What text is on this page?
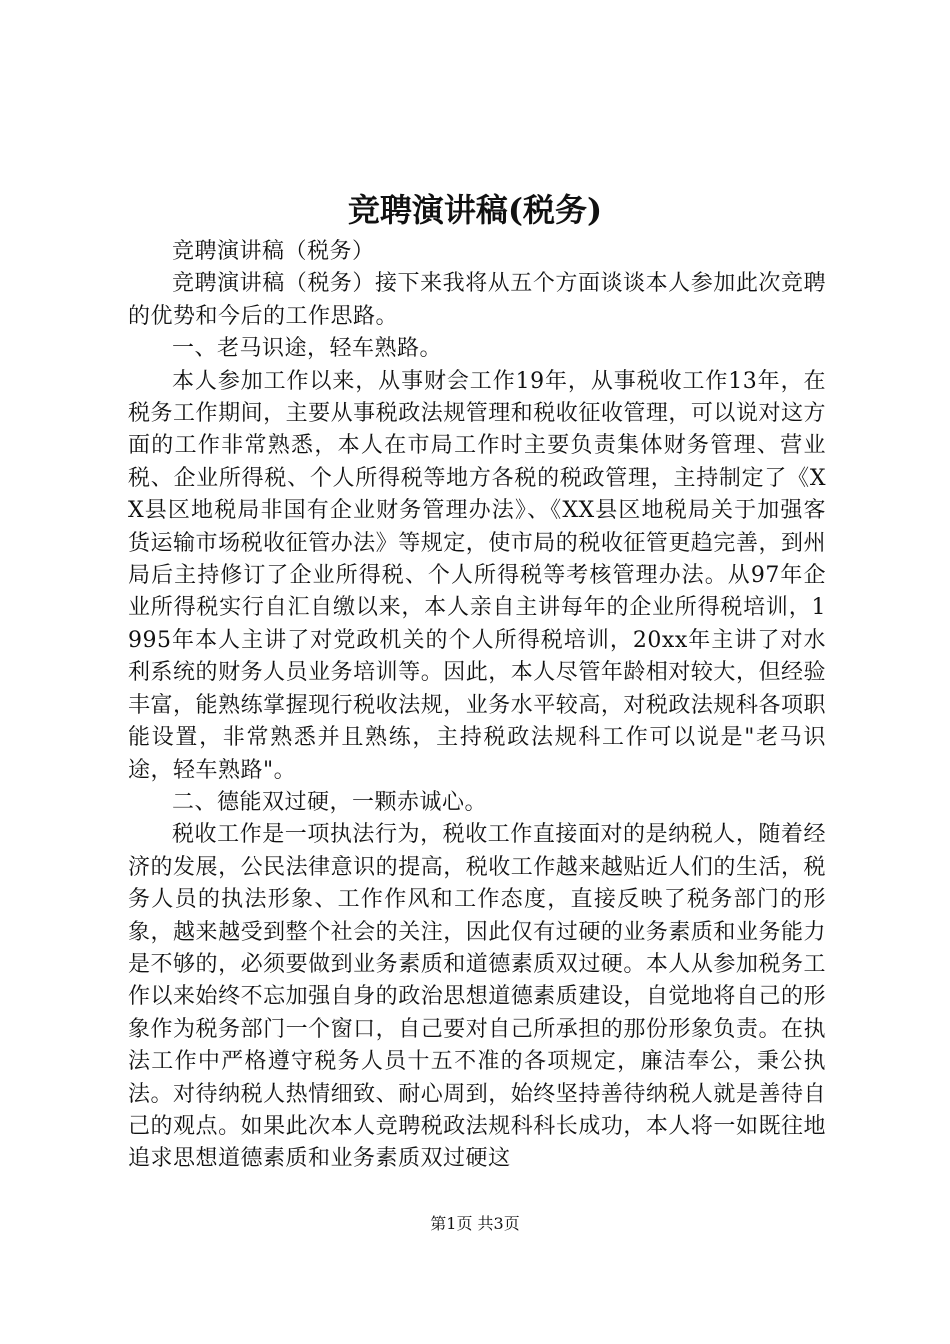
竞聘演讲稿(税务)

竞聘演讲稿（税务）

竞聘演讲稿（税务）接下来我将从五个方面谈谈本人参加此次竞聘的优势和今后的工作思路。

一、老马识途，轻车熟路。

本人参加工作以来，从事财会工作19年，从事税收工作13年，在税务工作期间，主要从事税政法规管理和税收征收管理，可以说对这方面的工作非常熟悉，本人在市局工作时主要负责集体财务管理、营业税、企业所得税、个人所得税等地方各税的税政管理，主持制定了《XX县区地税局非国有企业财务管理办法》、《XX县区地税局关于加强客货运输市场税收征管办法》等规定，使市局的税收征管更趋完善，到州局后主持修订了企业所得税、个人所得税等考核管理办法。从97年企业所得税实行自汇自缴以来，本人亲自主讲每年的企业所得税培训，1995年本人主讲了对党政机关的个人所得税培训，20xx年主讲了对水利系统的财务人员业务培训等。因此，本人尽管年龄相对较大，但经验丰富，能熟练掌握现行税收法规，业务水平较高，对税政法规科各项职能设置，非常熟悉并且熟练，主持税政法规科工作可以说是"老马识途，轻车熟路"。

二、德能双过硬，一颗赤诚心。

税收工作是一项执法行为，税收工作直接面对的是纳税人，随着经济的发展，公民法律意识的提高，税收工作越来越贴近人们的生活，税务人员的执法形象、工作作风和工作态度，直接反映了税务部门的形象，越来越受到整个社会的关注，因此仅有过硬的业务素质和业务能力是不够的，必须要做到业务素质和道德素质双过硬。本人从参加税务工作以来始终不忘加强自身的政治思想道德素质建设，自觉地将自己的形象作为税务部门一个窗口，自己要对自己所承担的那份形象负责。在执法工作中严格遵守税务人员十五不准的各项规定，廉洁奉公，秉公执法。对待纳税人热情细致、耐心周到，始终坚持善待纳税人就是善待自己的观点。如果此次本人竞聘税政法规科科长成功，本人将一如既往地追求思想道德素质和业务素质双过硬这

第1页 共3页
